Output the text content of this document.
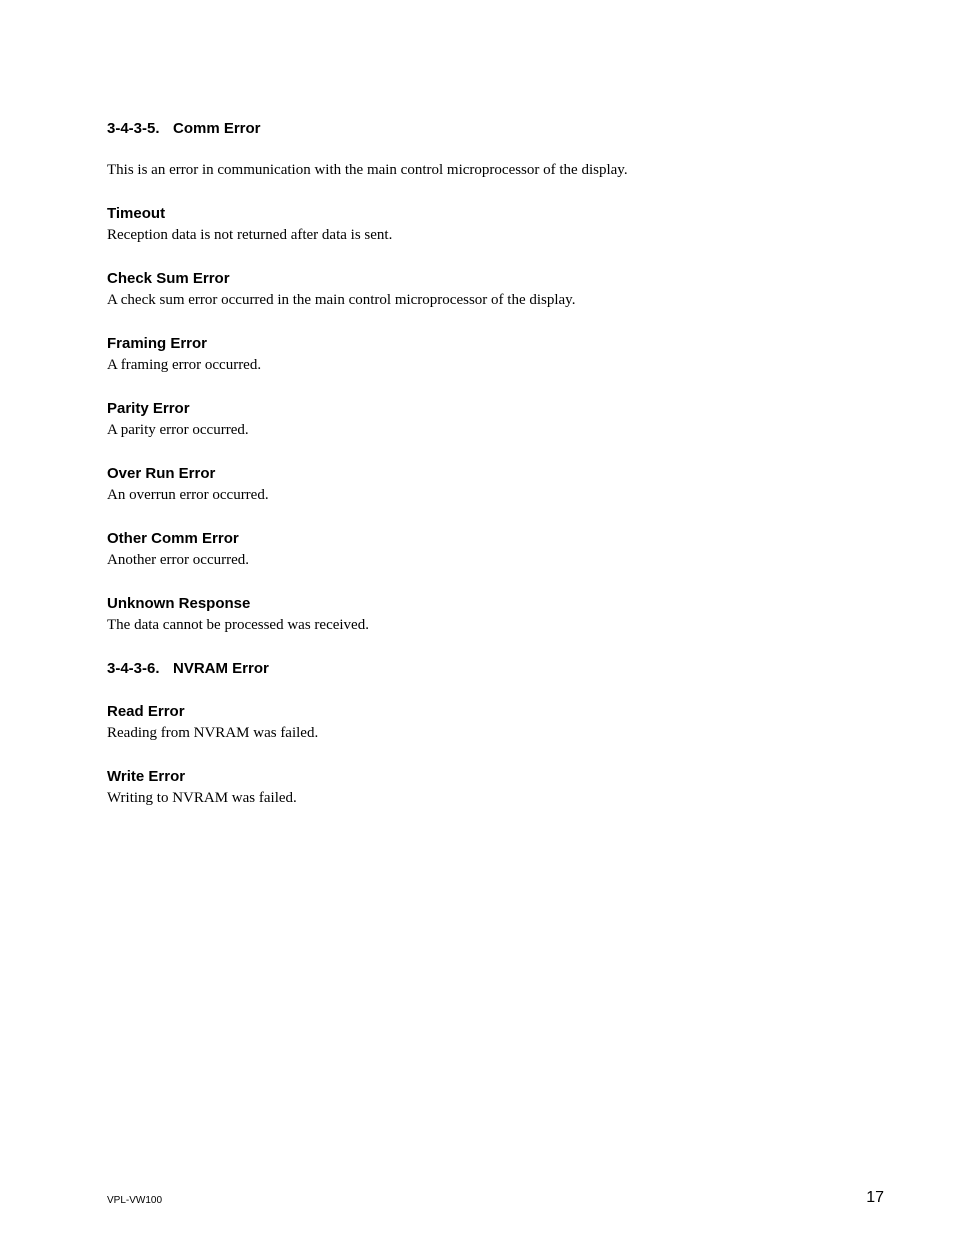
3-4-3-5. Comm Error

This is an error in communication with the main control microprocessor of the display.

Timeout

Reception data is not returned after data is sent.

Check Sum Error

A check sum error occurred in the main control microprocessor of the display.

Framing Error

A framing error occurred.

Parity Error

A parity error occurred.

Over Run Error

An overrun error occurred.

Other Comm Error

Another error occurred.

Unknown Response

The data cannot be processed was received.

3-4-3-6. NVRAM Error

Read Error

Reading from NVRAM was failed.

Write Error

Writing to NVRAM was failed.

VPL-VW100	17
